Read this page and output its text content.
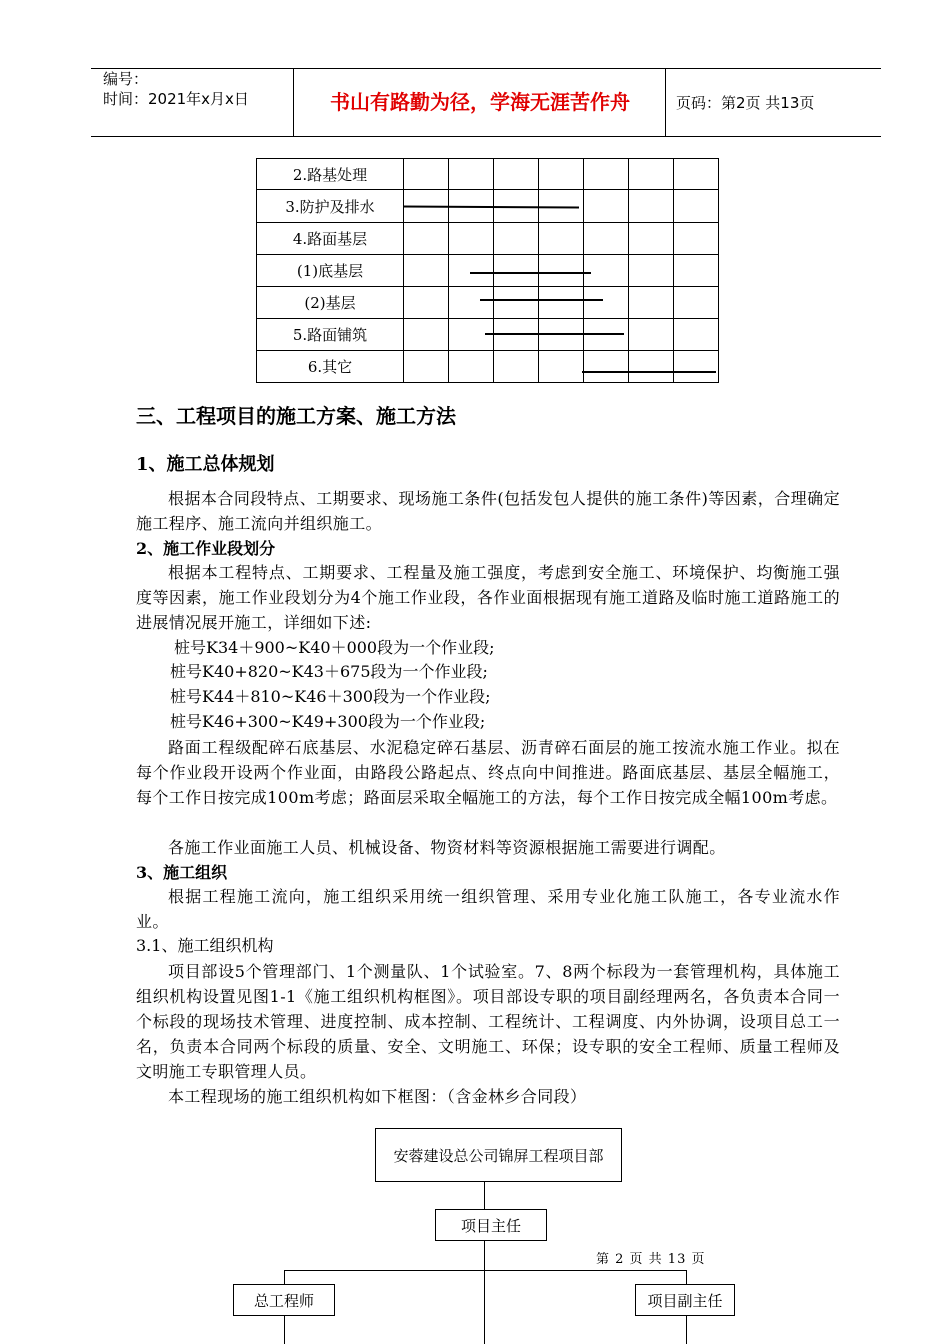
编号：
时间：2021年x月x日	书山有路勤为径，学海无涯苦作舟	页码：第2页 共13页
2.路基处理							
3.防护及排水							
4.路面基层							
(1)底基层							
(2)基层							
5.路面铺筑							
6.其它							
三、工程项目的施工方案、施工方法
1、施工总体规划
根据本合同段特点、工期要求、现场施工条件(包括发包人提供的施工条件)等因素，合理确定施工程序、施工流向并组织施工。
2、施工作业段划分
根据本工程特点、工期要求、工程量及施工强度，考虑到安全施工、环境保护、均衡施工强度等因素，施工作业段划分为4个施工作业段，各作业面根据现有施工道路及临时施工道路施工的进展情况展开施工，详细如下述:
桩号K34＋900~K40＋000段为一个作业段;
桩号K40+820~K43＋675段为一个作业段;
桩号K44＋810~K46＋300段为一个作业段;
桩号K46+300~K49+300段为一个作业段;
路面工程级配碎石底基层、水泥稳定碎石基层、沥青碎石面层的施工按流水施工作业。拟在每个作业段开设两个作业面，由路段公路起点、终点向中间推进。路面底基层、基层全幅施工，每个工作日按完成100m考虑；路面层采取全幅施工的方法，每个工作日按完成全幅100m考虑。
各施工作业面施工人员、机械设备、物资材料等资源根据施工需要进行调配。
3、施工组织
根据工程施工流向，施工组织采用统一组织管理、采用专业化施工队施工，各专业流水作业。
3.1、施工组织机构
项目部设5个管理部门、1个测量队、1个试验室。7、8两个标段为一套管理机构，具体施工组织机构设置见图1-1《施工组织机构框图》。项目部设专职的项目副经理两名，各负责本合同一个标段的现场技术管理、进度控制、成本控制、工程统计、工程调度、内外协调，设项目总工一名，负责本合同两个标段的质量、安全、文明施工、环保；设专职的安全工程师、质量工程师及文明施工专职管理人员。
本工程现场的施工组织机构如下框图：（含金林乡合同段）
安蓉建设总公司锦屏工程项目部
项目主任
总工程师	项目副主任
第 2 页 共 13 页
